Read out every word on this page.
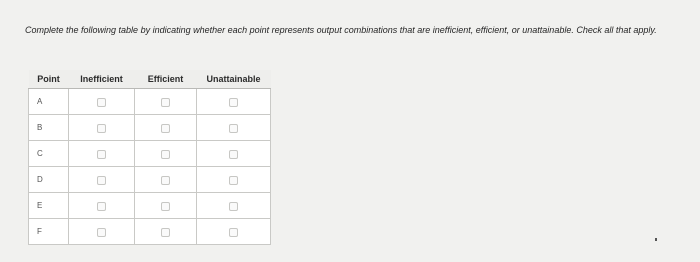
Complete the following table by indicating whether each point represents output combinations that are inefficient, efficient, or unattainable. Check all that apply.
Point	Inefficient	Efficient	Unattainable
A			
B			
C			
D			
E			
F			
